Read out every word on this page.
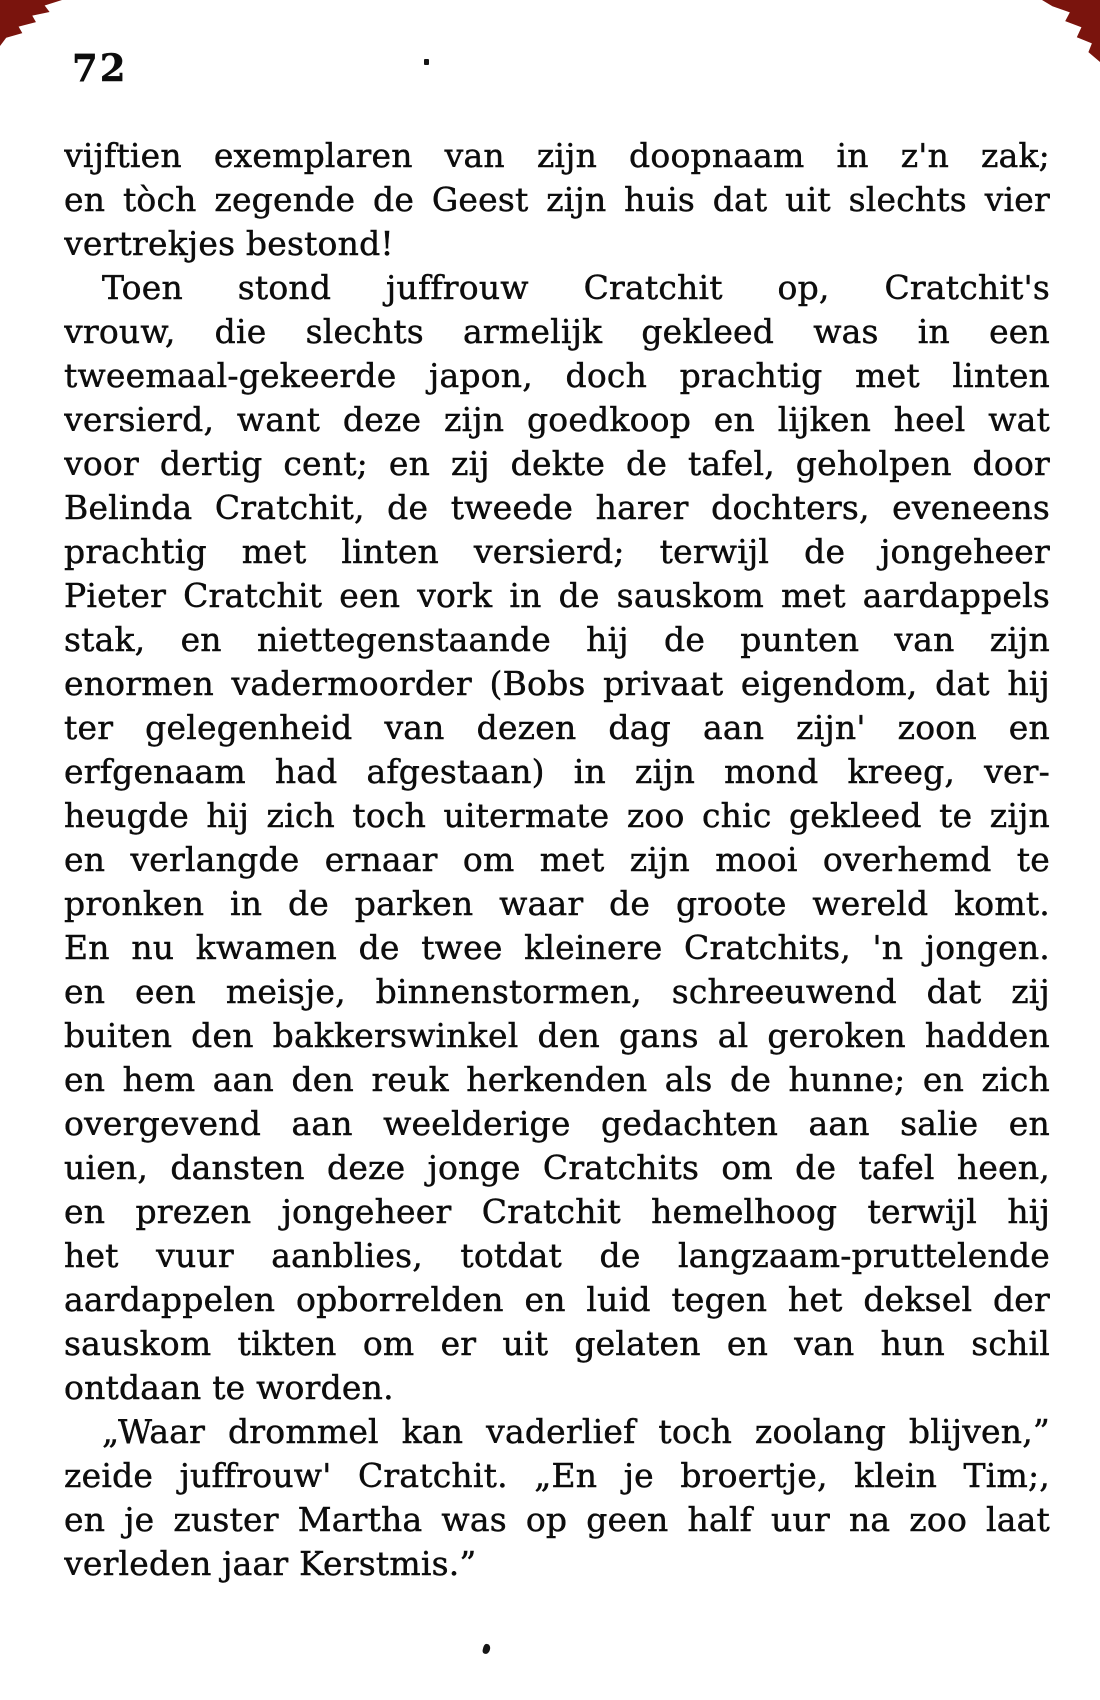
72
vijftien exemplaren van zijn doopnaam in z'n zak;
en tòch zegende de Geest zijn huis dat uit slechts vier
vertrekjes bestond!
Toen stond juffrouw Cratchit op, Cratchit's
vrouw, die slechts armelijk gekleed was in een
tweemaal-gekeerde japon, doch prachtig met linten
versierd, want deze zijn goedkoop en lijken heel wat
voor dertig cent; en zij dekte de tafel, geholpen door
Belinda Cratchit, de tweede harer dochters, eveneens
prachtig met linten versierd; terwijl de jongeheer
Pieter Cratchit een vork in de sauskom met aardappels
stak, en niettegenstaande hij de punten van zijn
enormen vadermoorder (Bobs privaat eigendom, dat hij
ter gelegenheid van dezen dag aan zijn' zoon en
erfgenaam had afgestaan) in zijn mond kreeg, ver-
heugde hij zich toch uitermate zoo chic gekleed te zijn
en verlangde ernaar om met zijn mooi overhemd te
pronken in de parken waar de groote wereld komt.
En nu kwamen de twee kleinere Cratchits, 'n jongen.
en een meisje, binnenstormen, schreeuwend dat zij
buiten den bakkerswinkel den gans al geroken hadden
en hem aan den reuk herkenden als de hunne; en zich
overgevend aan weelderige gedachten aan salie en
uien, dansten deze jonge Cratchits om de tafel heen,
en prezen jongeheer Cratchit hemelhoog terwijl hij
het vuur aanblies, totdat de langzaam-pruttelende
aardappelen opborrelden en luid tegen het deksel der
sauskom tikten om er uit gelaten en van hun schil
ontdaan te worden.
„Waar drommel kan vaderlief toch zoolang blijven,”
zeide juffrouw' Cratchit. „En je broertje, klein Tim;,
en je zuster Martha was op geen half uur na zoo laat
verleden jaar Kerstmis.”
